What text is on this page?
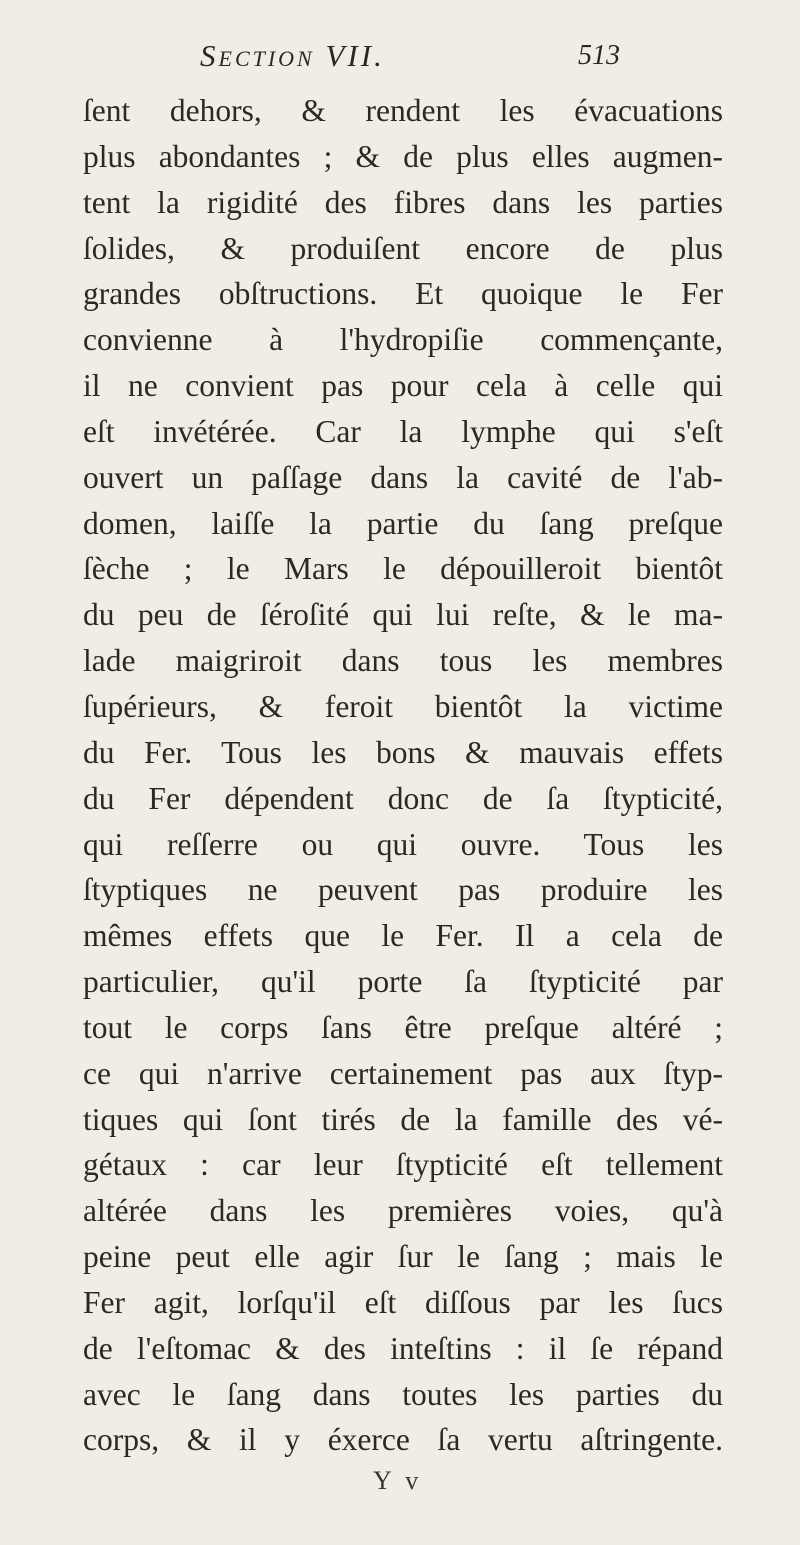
Section VII.	513
ſent dehors, & rendent les évacuations
plus abondantes ; & de plus elles augmen-
tent la rigidité des fibres dans les parties
ſolides, & produiſent encore de plus
grandes obſtructions. Et quoique le Fer
convienne à l'hydropiſie commençante,
il ne convient pas pour cela à celle qui
eſt invétérée. Car la lymphe qui s'eſt
ouvert un paſſage dans la cavité de l'ab-
domen, laiſſe la partie du ſang preſque
ſèche ; le Mars le dépouilleroit bientôt
du peu de ſéroſité qui lui reſte, & le ma-
lade maigriroit dans tous les membres
ſupérieurs, & feroit bientôt la victime
du Fer. Tous les bons & mauvais effets
du Fer dépendent donc de ſa ſtypticité,
qui reſſerre ou qui ouvre. Tous les
ſtyptiques ne peuvent pas produire les
mêmes effets que le Fer. Il a cela de
particulier, qu'il porte ſa ſtypticité par
tout le corps ſans être preſque altéré ;
ce qui n'arrive certainement pas aux ſtyp-
tiques qui ſont tirés de la famille des vé-
gétaux : car leur ſtypticité eſt tellement
altérée dans les premières voies, qu'à
peine peut elle agir ſur le ſang ; mais le
Fer agit, lorſqu'il eſt diſſous par les ſucs
de l'eſtomac & des inteſtins : il ſe répand
avec le ſang dans toutes les parties du
corps, & il y éxerce ſa vertu aſtringente.
Y v
